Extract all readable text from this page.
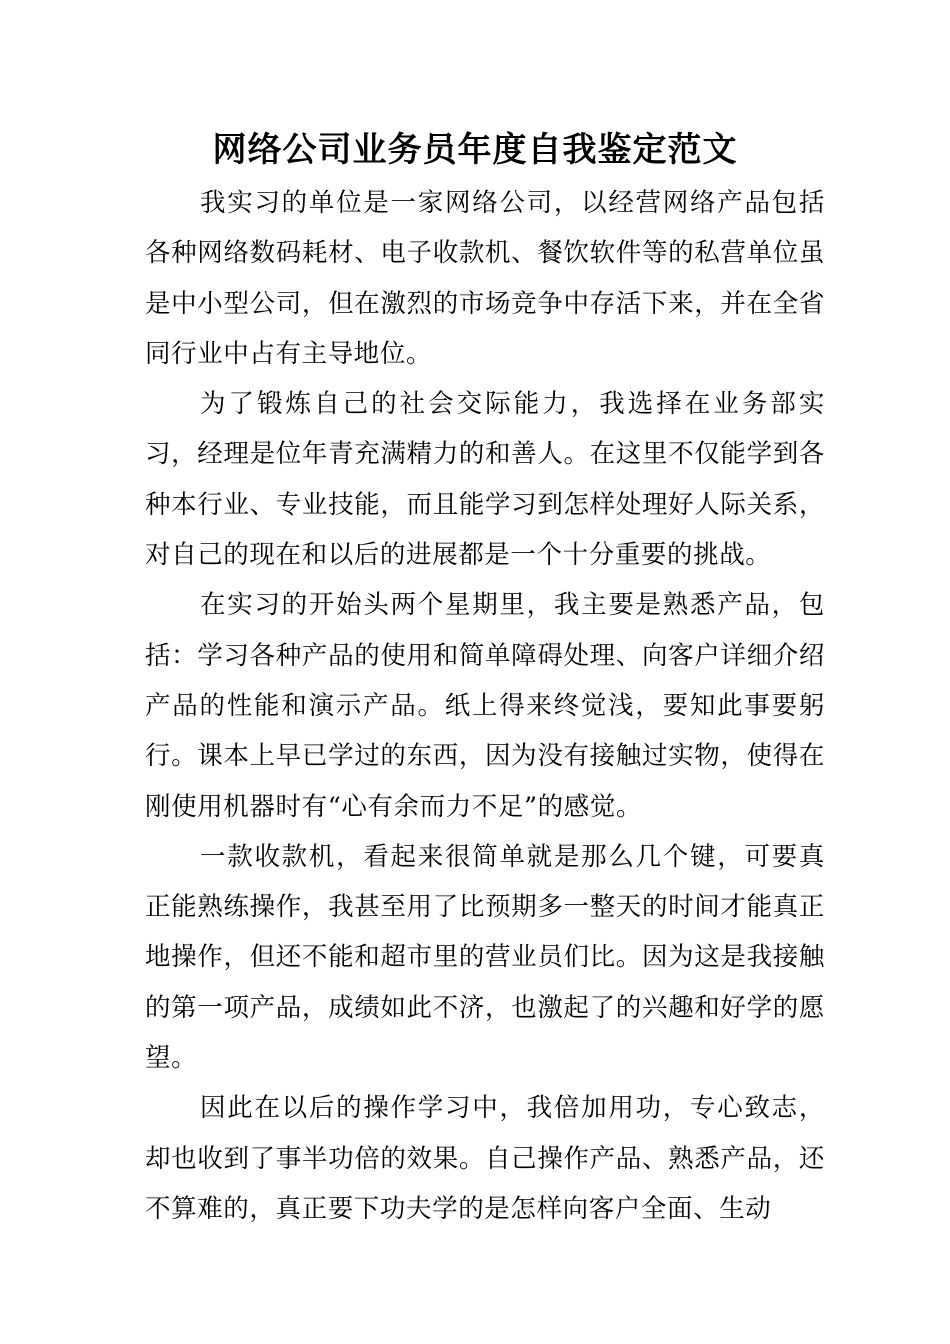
网络公司业务员年度自我鉴定范文

我实习的单位是一家网络公司，以经营网络产品包括各种网络数码耗材、电子收款机、餐饮软件等的私营单位虽是中小型公司，但在激烈的市场竞争中存活下来，并在全省同行业中占有主导地位。

为了锻炼自己的社会交际能力，我选择在业务部实习，经理是位年青充满精力的和善人。在这里不仅能学到各种本行业、专业技能，而且能学习到怎样处理好人际关系，对自己的现在和以后的进展都是一个十分重要的挑战。

在实习的开始头两个星期里，我主要是熟悉产品，包括：学习各种产品的使用和简单障碍处理、向客户详细介绍产品的性能和演示产品。纸上得来终觉浅，要知此事要躬行。课本上早已学过的东西，因为没有接触过实物，使得在刚使用机器时有“心有余而力不足”的感觉。

一款收款机，看起来很简单就是那么几个键，可要真正能熟练操作，我甚至用了比预期多一整天的时间才能真正地操作，但还不能和超市里的营业员们比。因为这是我接触的第一项产品，成绩如此不济，也激起了的兴趣和好学的愿望。

因此在以后的操作学习中，我倍加用功，专心致志，却也收到了事半功倍的效果。自己操作产品、熟悉产品，还不算难的，真正要下功夫学的是怎样向客户全面、生动
